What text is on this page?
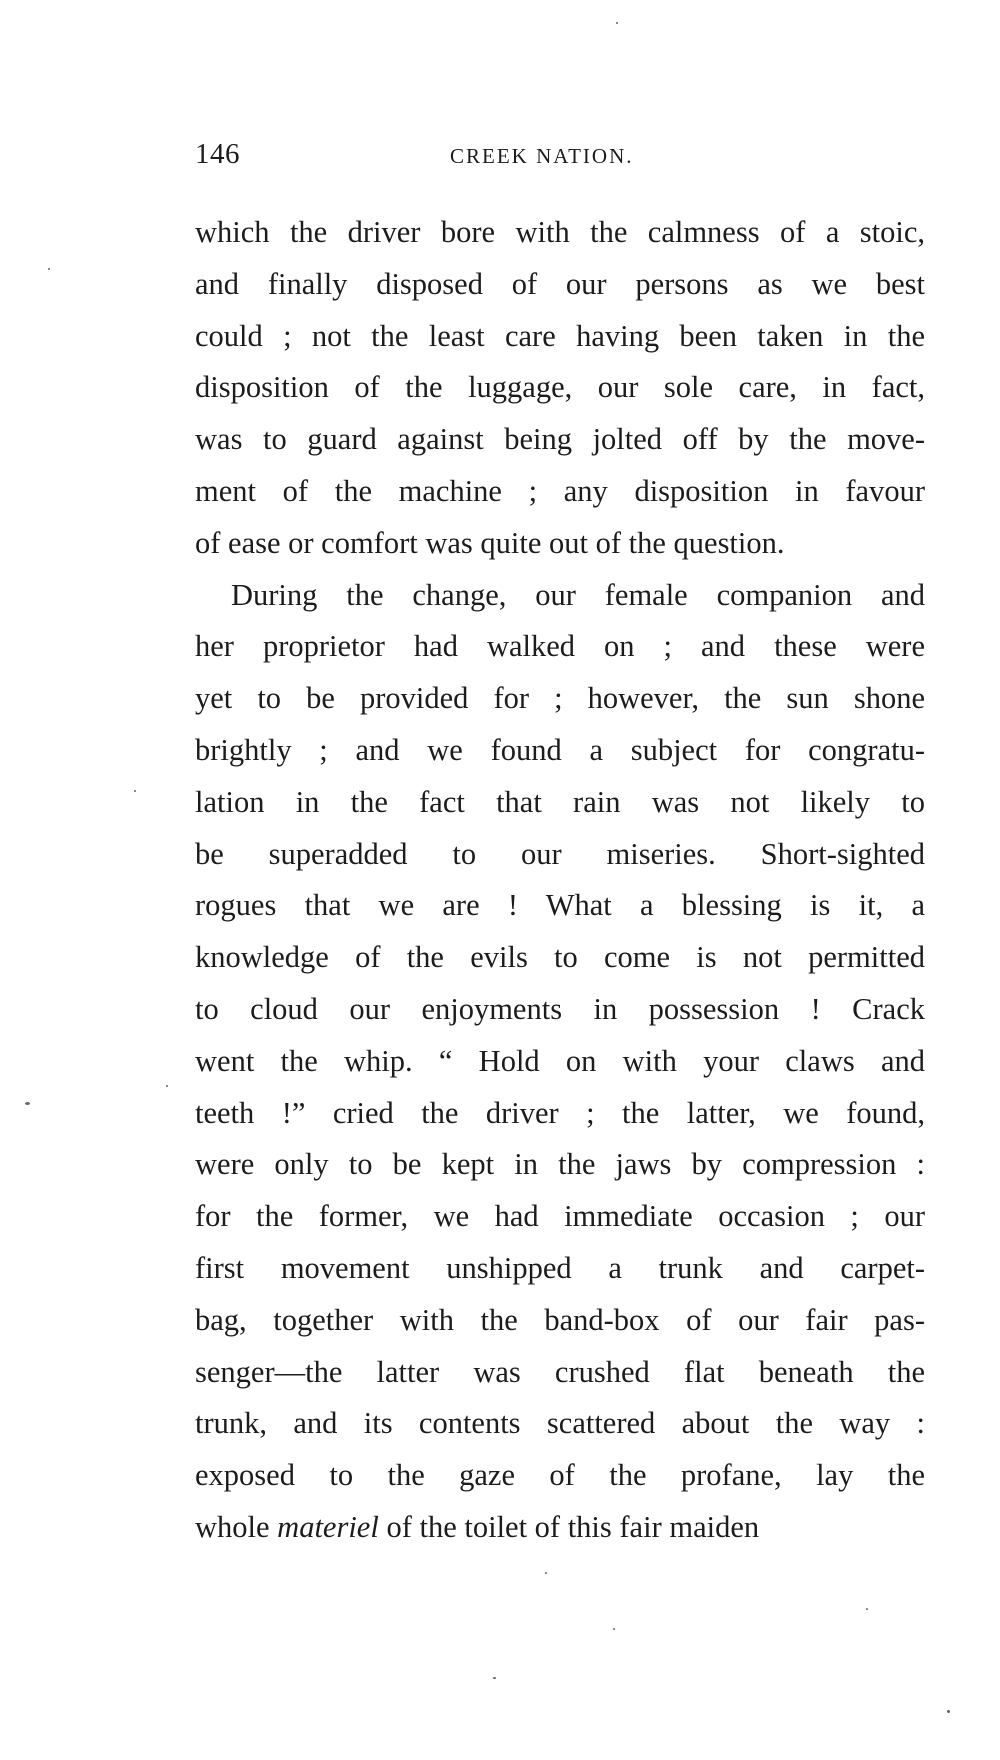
146	CREEK NATION.
which the driver bore with the calmness of a stoic,
and finally disposed of our persons as we best
could ; not the least care having been taken in the
disposition of the luggage, our sole care, in fact,
was to guard against being jolted off by the move-
ment of the machine ; any disposition in favour
of ease or comfort was quite out of the question.
During the change, our female companion and
her proprietor had walked on ; and these were
yet to be provided for ; however, the sun shone
brightly ; and we found a subject for congratu-
lation in the fact that rain was not likely to
be superadded to our miseries. Short-sighted
rogues that we are ! What a blessing is it, a
knowledge of the evils to come is not permitted
to cloud our enjoyments in possession ! Crack
went the whip. “ Hold on with your claws and
teeth !” cried the driver ; the latter, we found,
were only to be kept in the jaws by compression :
for the former, we had immediate occasion ; our
first movement unshipped a trunk and carpet-
bag, together with the band-box of our fair pas-
senger—the latter was crushed flat beneath the
trunk, and its contents scattered about the way :
exposed to the gaze of the profane, lay the
whole materiel of the toilet of this fair maiden
